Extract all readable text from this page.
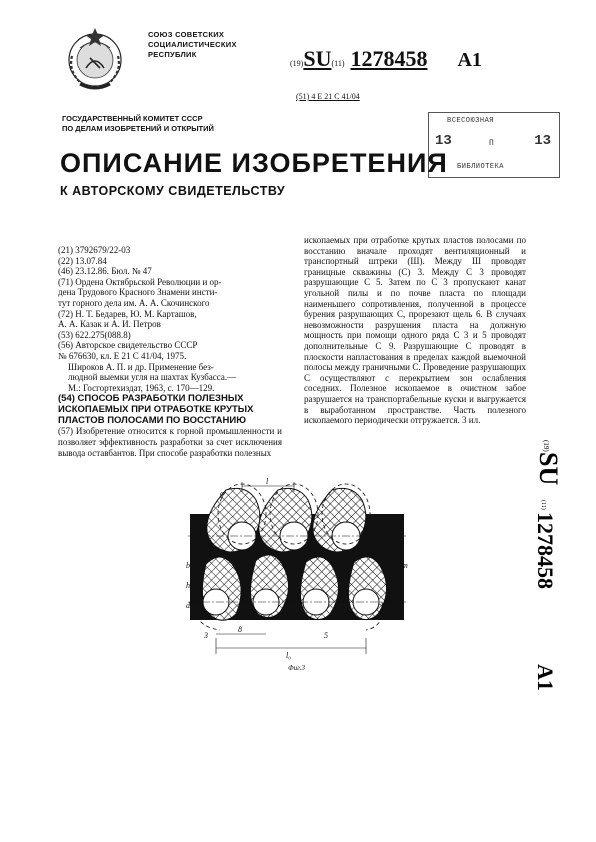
СОЮЗ СОВЕТСКИХ
СОЦИАЛИСТИЧЕСКИХ
РЕСПУБЛИК
(19)SU(11) 1278458 А1
(51) 4 Е 21 С 41/04
ГОСУДАРСТВЕННЫЙ КОМИТЕТ СССР
ПО ДЕЛАМ ИЗОБРЕТЕНИЙ И ОТКРЫТИЙ
ВСЕСОЮЗНАЯ
13	П	13
БИБЛИОТЕКА
ОПИСАНИЕ ИЗОБРЕТЕНИЯ
К АВТОРСКОМУ СВИДЕТЕЛЬСТВУ
(21) 3792679/22-03
(22) 13.07.84
(46) 23.12.86. Бюл. № 47
(71) Ордена Октябрьской Революции и ор-
дена Трудового Красного Знамени инсти-
тут горного дела им. А. А. Скочинского
(72) Н. Т. Бедарев, Ю. М. Карташов,
А. А. Казак и А. И. Петров
(53) 622.275(088.8)
(56) Авторское свидетельство СССР
№ 676630, кл. Е 21 С 41/04, 1975.
Широков А. П. и др. Применение без-
людной выемки угля на шахтах Кузбасса.—
М.: Госгортехиздат, 1963, с. 170—129.
(54) СПОСОБ РАЗРАБОТКИ ПОЛЕЗНЫХ ИСКОПАЕМЫХ ПРИ ОТРАБОТКЕ КРУТЫХ ПЛАСТОВ ПОЛОСАМИ ПО ВОССТАНИЮ
(57) Изобретение относится к горной промышленности и позволяет эффективность разработки за счет исключения вывода оставбантов. При способе разработки полезных
ископаемых при отработке крутых пластов полосами по восстанию вначале проходят вентиляционный и транспортный штреки (Ш). Между Ш проводят границные скважины (С) 3. Между С 3 проводят разрушающие С 5. Затем по С 3 пропускают канат угольной пилы и по почве пласта по площади наименьшего сопротивления, полученной в процессе бурения разрушающих С, прорезают щель 6. В случаях невозможности разрушения пласта на должную мощность при помощи одного ряда С 3 и 5 проводят дополнительные С 9. Разрушающие С проводят в плоскости напластования в пределах каждой выемочной полосы между граничными С. Проведение разрушающих С осуществляют с перекрытием зон ослабления соседних. Полезное ископаемое в очистном забое разрушается на транспортабельные куски и выгружается в выработанном пространстве. Часть полезного ископаемого периодически отгружается. 3 ил.
(19)
SU
(11)
1278458
А1
l
g
b
h
m
d
8
3	5
l₀
Фиг.3
